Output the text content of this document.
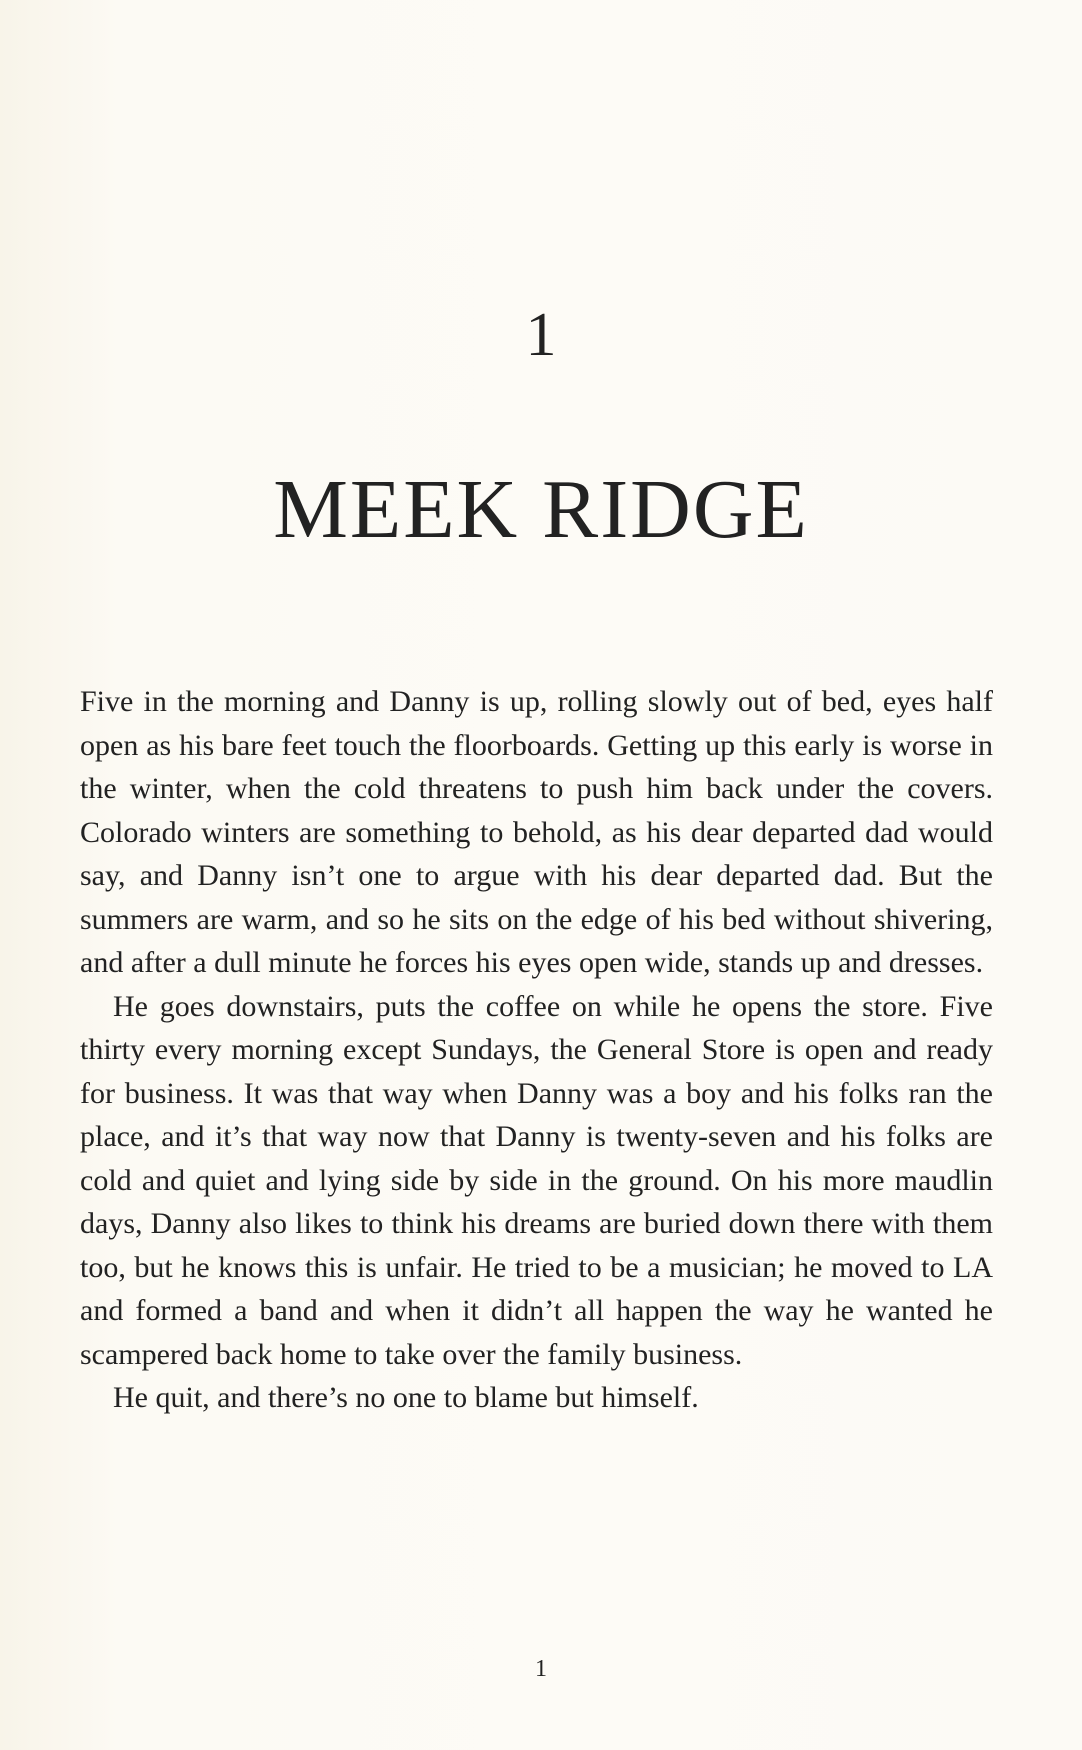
1
MEEK RIDGE

Five in the morning and Danny is up, rolling slowly out of bed, eyes half open as his bare feet touch the floorboards. Getting up this early is worse in the winter, when the cold threatens to push him back under the covers. Colorado winters are something to behold, as his dear departed dad would say, and Danny isn’t one to argue with his dear departed dad. But the summers are warm, and so he sits on the edge of his bed without shivering, and after a dull minute he forces his eyes open wide, stands up and dresses.

He goes downstairs, puts the coffee on while he opens the store. Five thirty every morning except Sundays, the General Store is open and ready for business. It was that way when Danny was a boy and his folks ran the place, and it’s that way now that Danny is twenty-seven and his folks are cold and quiet and lying side by side in the ground. On his more maudlin days, Danny also likes to think his dreams are buried down there with them too, but he knows this is unfair. He tried to be a musician; he moved to LA and formed a band and when it didn’t all happen the way he wanted he scampered back home to take over the family business.

He quit, and there’s no one to blame but himself.

1
